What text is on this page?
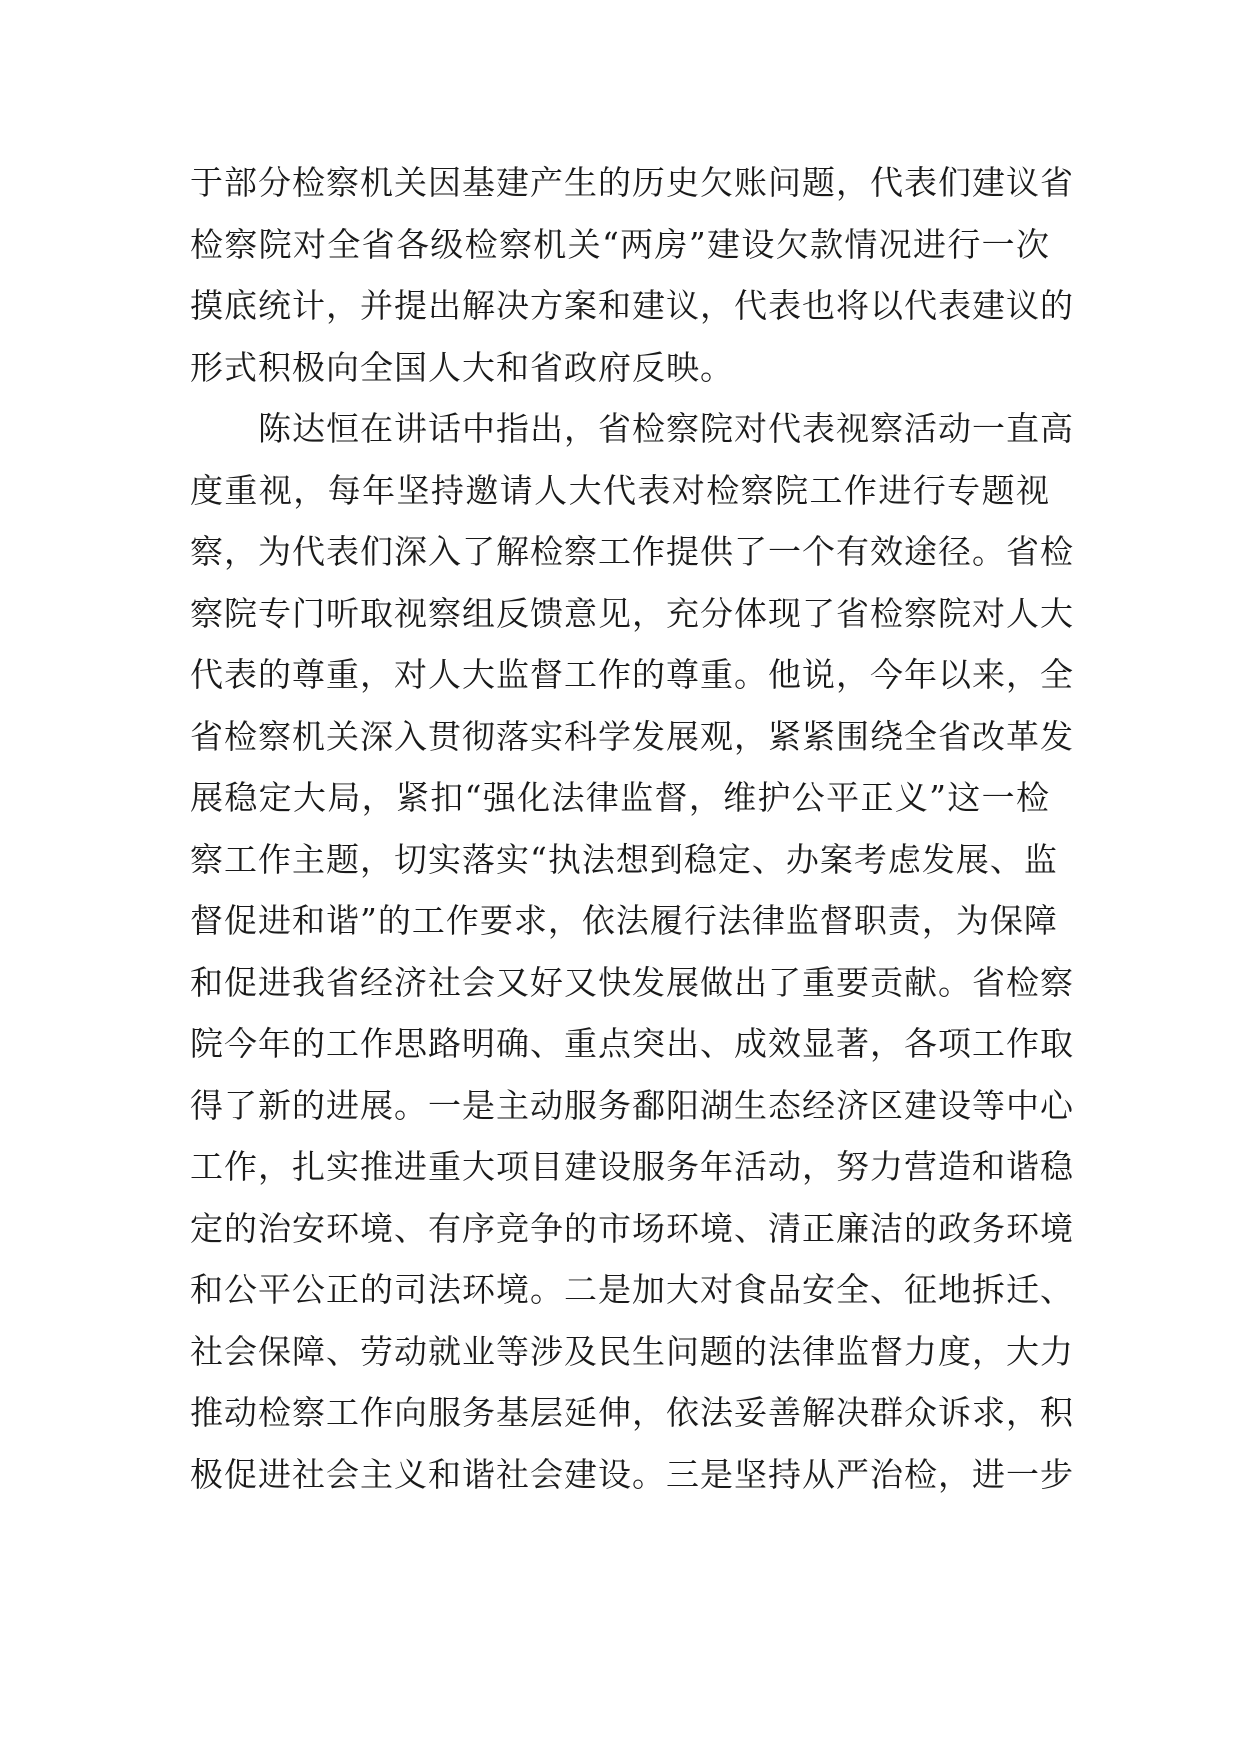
于部分检察机关因基建产生的历史欠账问题，代表们建议省
检察院对全省各级检察机关“两房”建设欠款情况进行一次
摸底统计，并提出解决方案和建议，代表也将以代表建议的
形式积极向全国人大和省政府反映。
　　陈达恒在讲话中指出，省检察院对代表视察活动一直高
度重视，每年坚持邀请人大代表对检察院工作进行专题视
察，为代表们深入了解检察工作提供了一个有效途径。省检
察院专门听取视察组反馈意见，充分体现了省检察院对人大
代表的尊重，对人大监督工作的尊重。他说，今年以来，全
省检察机关深入贯彻落实科学发展观，紧紧围绕全省改革发
展稳定大局，紧扣“强化法律监督，维护公平正义”这一检
察工作主题，切实落实“执法想到稳定、办案考虑发展、监
督促进和谐”的工作要求，依法履行法律监督职责，为保障
和促进我省经济社会又好又快发展做出了重要贡献。省检察
院今年的工作思路明确、重点突出、成效显著，各项工作取
得了新的进展。一是主动服务鄱阳湖生态经济区建设等中心
工作，扎实推进重大项目建设服务年活动，努力营造和谐稳
定的治安环境、有序竞争的市场环境、清正廉洁的政务环境
和公平公正的司法环境。二是加大对食品安全、征地拆迁、
社会保障、劳动就业等涉及民生问题的法律监督力度，大力
推动检察工作向服务基层延伸，依法妥善解决群众诉求，积
极促进社会主义和谐社会建设。三是坚持从严治检，进一步
